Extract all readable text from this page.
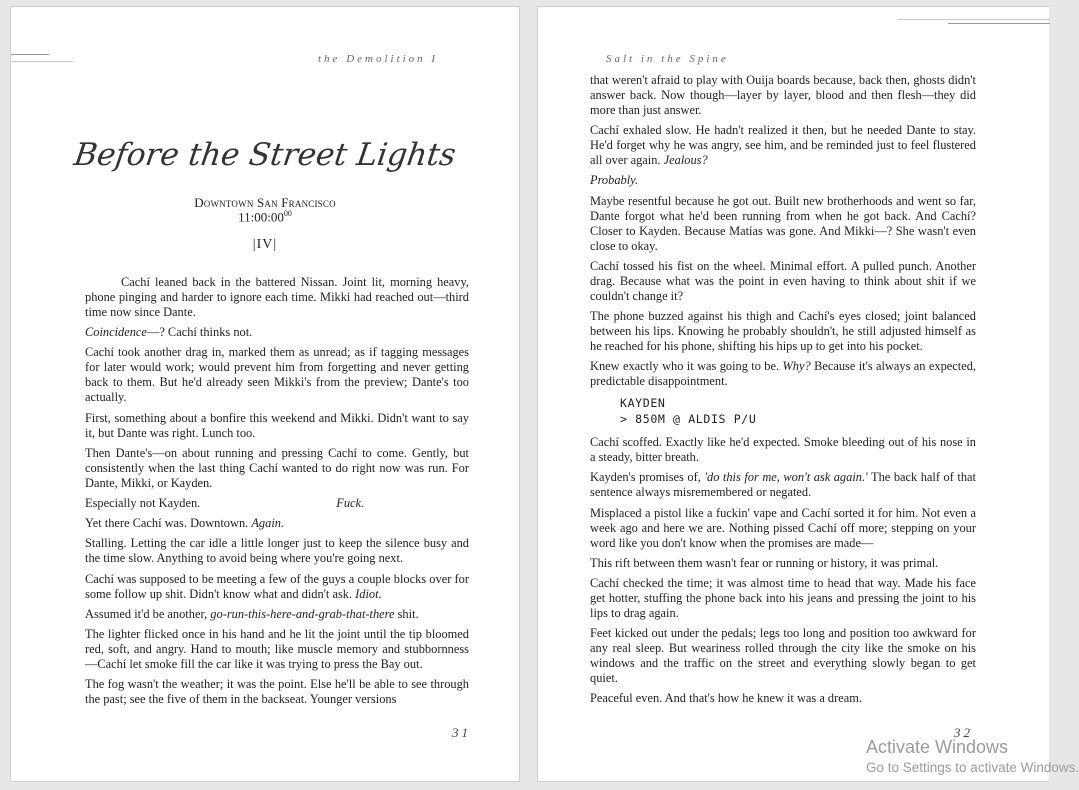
the Demolition I
Before the Street Lights
Downtown San Francisco
$11:00:00^{00}$
|IV|

Cachí leaned back in the battered Nissan. Joint lit, morning heavy, phone pinging and harder to ignore each time. Mikki had reached out—third time now since Dante.

Coincidence—? Cachí thinks not.

Cachí took another drag in, marked them as unread; as if tagging messages for later would work; would prevent him from forgetting and never getting back to them. But he'd already seen Mikki's from the preview; Dante's too actually.

First, something about a bonfire this weekend and Mikki. Didn't want to say it, but Dante was right. Lunch too.

Then Dante's—on about running and pressing Cachí to come. Gently, but consistently when the last thing Cachí wanted to do right now was run. For Dante, Mikki, or Kayden.

Especially not Kayden.	Fuck.

Yet there Cachí was. Downtown. Again.

Stalling. Letting the car idle a little longer just to keep the silence busy and the time slow. Anything to avoid being where you're going next.

Cachí was supposed to be meeting a few of the guys a couple blocks over for some follow up shit. Didn't know what and didn't ask. Idiot.

Assumed it'd be another, go-run-this-here-and-grab-that-there shit.

The lighter flicked once in his hand and he lit the joint until the tip bloomed red, soft, and angry. Hand to mouth; like muscle memory and stubbornness—Cachí let smoke fill the car like it was trying to press the Bay out.

The fog wasn't the weather; it was the point. Else he'll be able to see through the past; see the five of them in the backseat. Younger versions

31
Salt in the Spine

that weren't afraid to play with Ouija boards because, back then, ghosts didn't answer back. Now though—layer by layer, blood and then flesh—they did more than just answer.

Cachí exhaled slow. He hadn't realized it then, but he needed Dante to stay. He'd forget why he was angry, see him, and be reminded just to feel flustered all over again. Jealous?

Probably.

Maybe resentful because he got out. Built new brotherhoods and went so far, Dante forgot what he'd been running from when he got back. And Cachí? Closer to Kayden. Because Matías was gone. And Mikki—? She wasn't even close to okay.

Cachí tossed his fist on the wheel. Minimal effort. A pulled punch. Another drag. Because what was the point in even having to think about shit if we couldn't change it?

The phone buzzed against his thigh and Cachí's eyes closed; joint balanced between his lips. Knowing he probably shouldn't, he still adjusted himself as he reached for his phone, shifting his hips up to get into his pocket.

Knew exactly who it was going to be. Why? Because it's always an expected, predictable disappointment.

KAYDEN
> 850M @ ALDIS P/U

Cachí scoffed. Exactly like he'd expected. Smoke bleeding out of his nose in a steady, bitter breath.

Kayden's promises of, 'do this for me, won't ask again.' The back half of that sentence always misremembered or negated.

Misplaced a pistol like a fuckin' vape and Cachí sorted it for him. Not even a week ago and here we are. Nothing pissed Cachí off more; stepping on your word like you don't know when the promises are made—

This rift between them wasn't fear or running or history, it was primal.

Cachí checked the time; it was almost time to head that way. Made his face get hotter, stuffing the phone back into his jeans and pressing the joint to his lips to drag again.

Feet kicked out under the pedals; legs too long and position too awkward for any real sleep. But weariness rolled through the city like the smoke on his windows and the traffic on the street and everything slowly began to get quiet.

Peaceful even. And that's how he knew it was a dream.

32
Activate Windows
Go to Settings to activate Windows.
